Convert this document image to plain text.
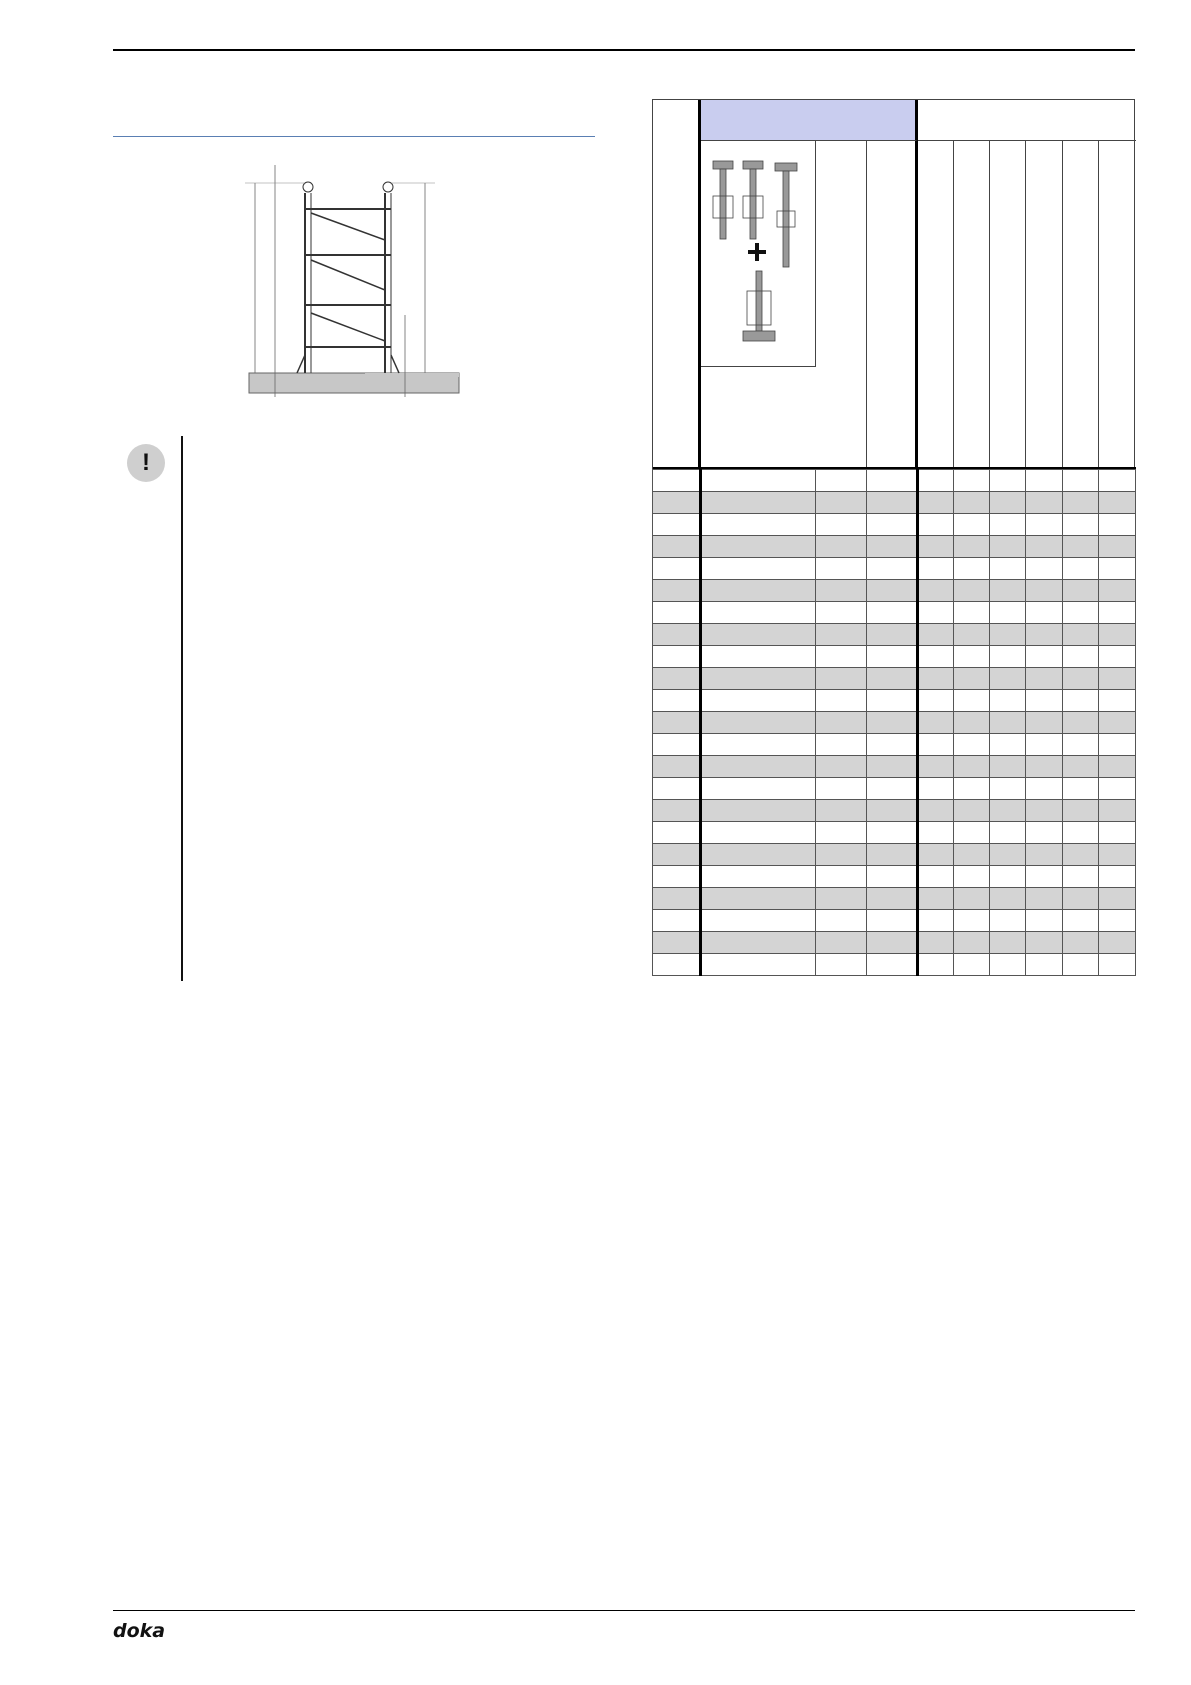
!

doka
